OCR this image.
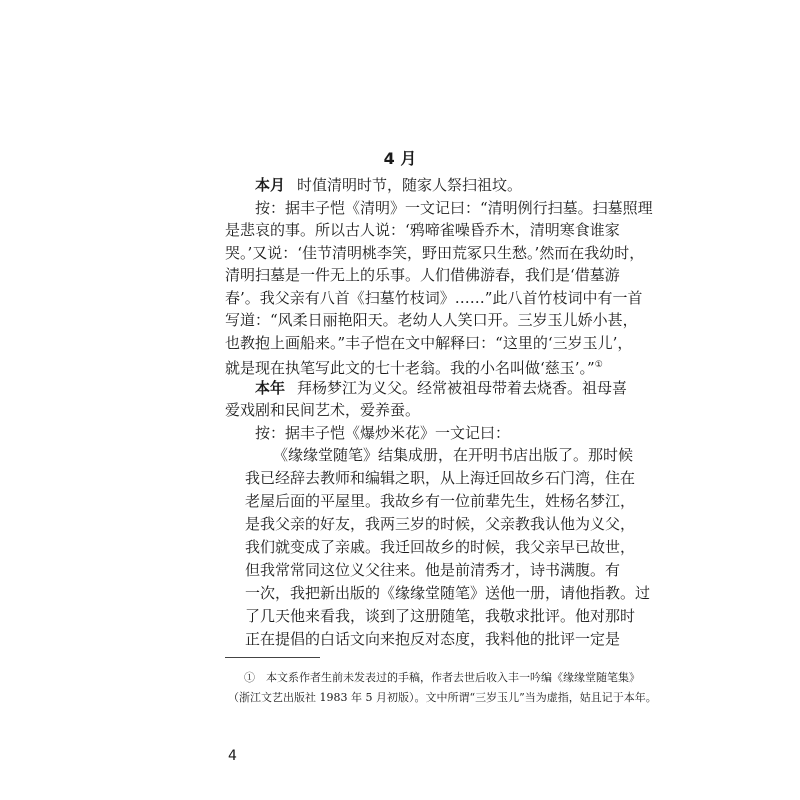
4 月
本月 时值清明时节，随家人祭扫祖坟。
按：据丰子恺《清明》一文记曰：“清明例行扫墓。扫墓照理
是悲哀的事。所以古人说：‘鸦啼雀噪昏乔木，清明寒食谁家
哭。’又说：‘佳节清明桃李笑，野田荒冢只生愁。’然而在我幼时，
清明扫墓是一件无上的乐事。人们借佛游春，我们是‘借墓游
春’。我父亲有八首《扫墓竹枝词》……”此八首竹枝词中有一首
写道：“风柔日丽艳阳天。老幼人人笑口开。三岁玉儿娇小甚，
也教抱上画船来。”丰子恺在文中解释曰：“这里的‘三岁玉儿’，
就是现在执笔写此文的七十老翁。我的小名叫做‘慈玉’。”①
本年 拜杨梦江为义父。经常被祖母带着去烧香。祖母喜
爱戏剧和民间艺术，爱养蚕。
按：据丰子恺《爆炒米花》一文记曰：
《缘缘堂随笔》结集成册，在开明书店出版了。那时候
我已经辞去教师和编辑之职，从上海迁回故乡石门湾，住在
老屋后面的平屋里。我故乡有一位前辈先生，姓杨名梦江，
是我父亲的好友，我两三岁的时候，父亲教我认他为义父，
我们就变成了亲戚。我迁回故乡的时候，我父亲早已故世，
但我常常同这位义父往来。他是前清秀才，诗书满腹。有
一次，我把新出版的《缘缘堂随笔》送他一册，请他指教。过
了几天他来看我，谈到了这册随笔，我敬求批评。他对那时
正在提倡的白话文向来抱反对态度，我料他的批评一定是
①　本文系作者生前未发表过的手稿，作者去世后收入丰一吟编《缘缘堂随笔集》
（浙江文艺出版社 1983 年 5 月初版）。文中所谓“三岁玉儿”当为虚指，姑且记于本年。
4
